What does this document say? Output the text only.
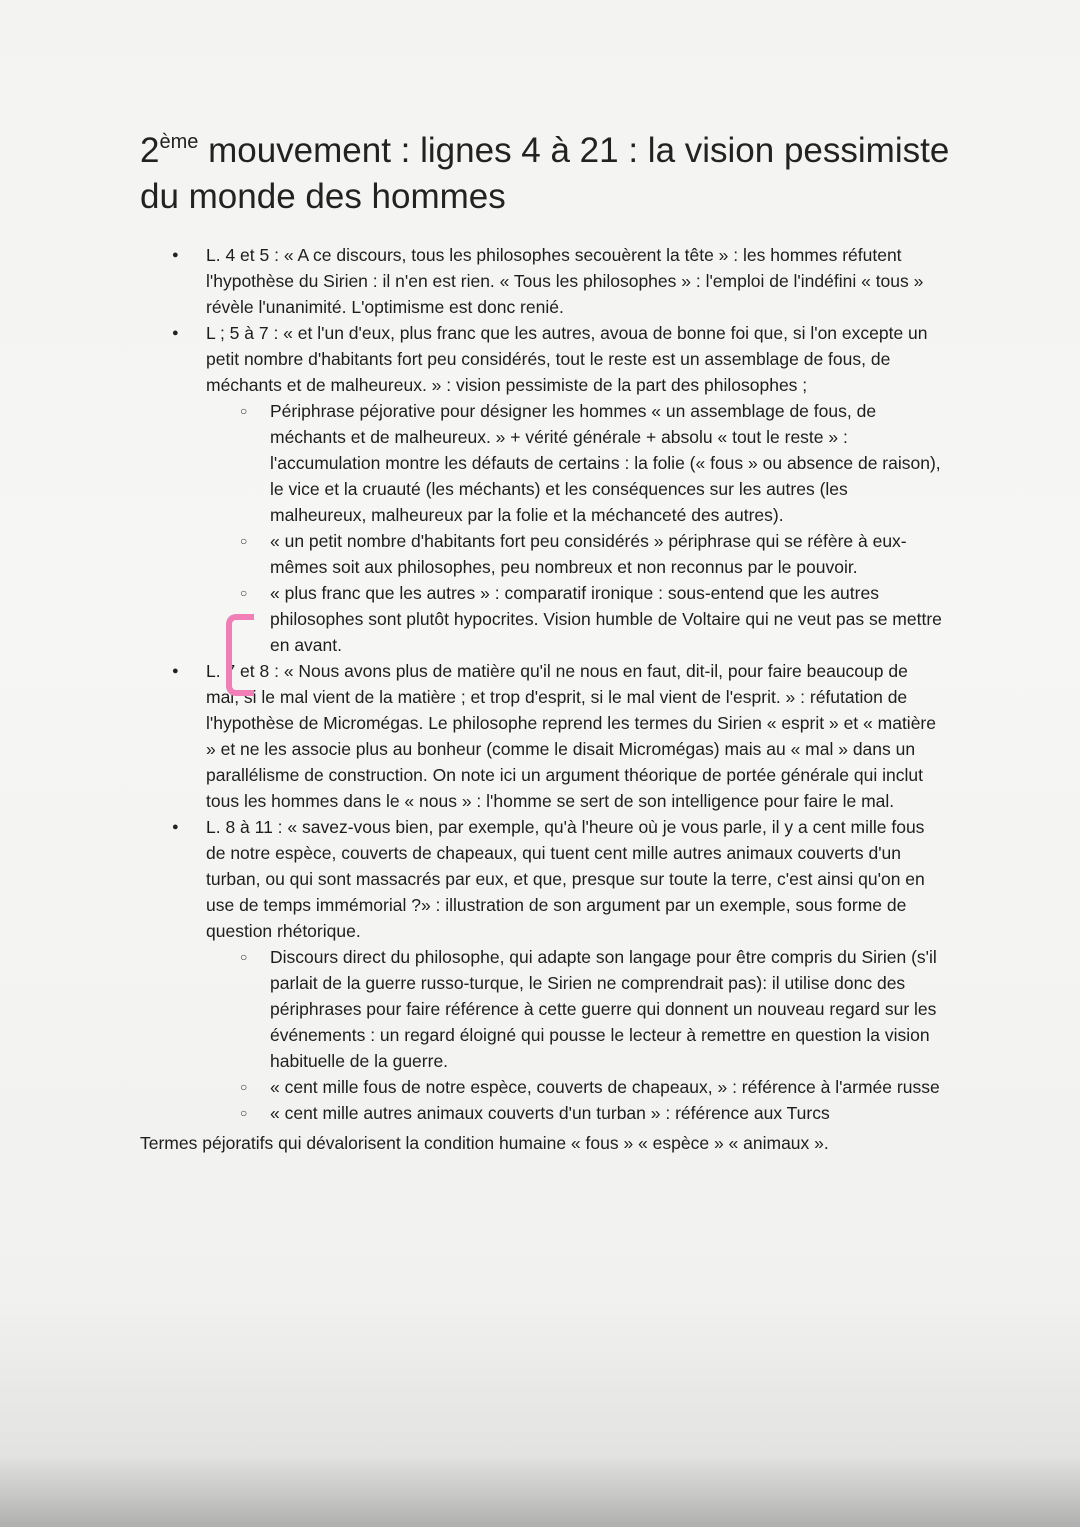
2ème mouvement : lignes 4 à 21 : la vision pessimiste du monde des hommes
● L. 4 et 5 : « A ce discours, tous les philosophes secouèrent la tête » : les hommes réfutent l'hypothèse du Sirien : il n'en est rien. « Tous les philosophes » : l'emploi de l'indéfini « tous » révèle l'unanimité. L'optimisme est donc renié.
● L ; 5 à 7 : « et l'un d'eux, plus franc que les autres, avoua de bonne foi que, si l'on excepte un petit nombre d'habitants fort peu considérés, tout le reste est un assemblage de fous, de méchants et de malheureux. » : vision pessimiste de la part des philosophes ;
○ Périphrase péjorative pour désigner les hommes « un assemblage de fous, de méchants et de malheureux. » + vérité générale + absolu « tout le reste » : l'accumulation montre les défauts de certains : la folie (« fous » ou absence de raison), le vice et la cruauté (les méchants) et les conséquences sur les autres (les malheureux, malheureux par la folie et la méchanceté des autres).
○ « un petit nombre d'habitants fort peu considérés » périphrase qui se réfère à eux-mêmes soit aux philosophes, peu nombreux et non reconnus par le pouvoir.
○ « plus franc que les autres » : comparatif ironique : sous-entend que les autres philosophes sont plutôt hypocrites. Vision humble de Voltaire qui ne veut pas se mettre en avant.
● L. 7 et 8 : « Nous avons plus de matière qu'il ne nous en faut, dit-il, pour faire beaucoup de mal, si le mal vient de la matière ; et trop d'esprit, si le mal vient de l'esprit. » : réfutation de l'hypothèse de Micromégas. Le philosophe reprend les termes du Sirien « esprit » et « matière » et ne les associe plus au bonheur (comme le disait Micromégas) mais au « mal » dans un parallélisme de construction. On note ici un argument théorique de portée générale qui inclut tous les hommes dans le « nous » : l'homme se sert de son intelligence pour faire le mal.
● L. 8 à 11 : « savez-vous bien, par exemple, qu'à l'heure où je vous parle, il y a cent mille fous de notre espèce, couverts de chapeaux, qui tuent cent mille autres animaux couverts d'un turban, ou qui sont massacrés par eux, et que, presque sur toute la terre, c'est ainsi qu'on en use de temps immémorial ?» : illustration de son argument par un exemple, sous forme de question rhétorique.
○ Discours direct du philosophe, qui adapte son langage pour être compris du Sirien (s'il parlait de la guerre russo-turque, le Sirien ne comprendrait pas): il utilise donc des périphrases pour faire référence à cette guerre qui donnent un nouveau regard sur les événements : un regard éloigné qui pousse le lecteur à remettre en question la vision habituelle de la guerre.
○ « cent mille fous de notre espèce, couverts de chapeaux, » : référence à l'armée russe
○ « cent mille autres animaux couverts d'un turban » : référence aux Turcs

Termes péjoratifs qui dévalorisent la condition humaine « fous » « espèce » « animaux ».
